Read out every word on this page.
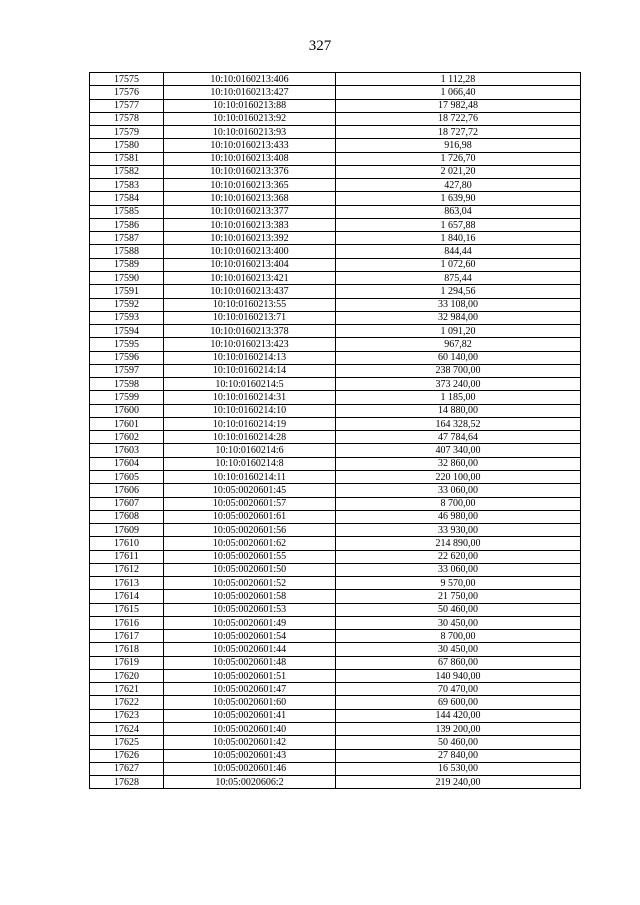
327
17575	10:10:0160213:406	1 112,28
17576	10:10:0160213:427	1 066,40
17577	10:10:0160213:88	17 982,48
17578	10:10:0160213:92	18 722,76
17579	10:10:0160213:93	18 727,72
17580	10:10:0160213:433	916,98
17581	10:10:0160213:408	1 726,70
17582	10:10:0160213:376	2 021,20
17583	10:10:0160213:365	427,80
17584	10:10:0160213:368	1 639,90
17585	10:10:0160213:377	863,04
17586	10:10:0160213:383	1 657,88
17587	10:10:0160213:392	1 840,16
17588	10:10:0160213:400	844,44
17589	10:10:0160213:404	1 072,60
17590	10:10:0160213:421	875,44
17591	10:10:0160213:437	1 294,56
17592	10:10:0160213:55	33 108,00
17593	10:10:0160213:71	32 984,00
17594	10:10:0160213:378	1 091,20
17595	10:10:0160213:423	967,82
17596	10:10:0160214:13	60 140,00
17597	10:10:0160214:14	238 700,00
17598	10:10:0160214:5	373 240,00
17599	10:10:0160214:31	1 185,00
17600	10:10:0160214:10	14 880,00
17601	10:10:0160214:19	164 328,52
17602	10:10:0160214:28	47 784,64
17603	10:10:0160214:6	407 340,00
17604	10:10:0160214:8	32 860,00
17605	10:10:0160214:11	220 100,00
17606	10:05:0020601:45	33 060,00
17607	10:05:0020601:57	8 700,00
17608	10:05:0020601:61	46 980,00
17609	10:05:0020601:56	33 930,00
17610	10:05:0020601:62	214 890,00
17611	10:05:0020601:55	22 620,00
17612	10:05:0020601:50	33 060,00
17613	10:05:0020601:52	9 570,00
17614	10:05:0020601:58	21 750,00
17615	10:05:0020601:53	50 460,00
17616	10:05:0020601:49	30 450,00
17617	10:05:0020601:54	8 700,00
17618	10:05:0020601:44	30 450,00
17619	10:05:0020601:48	67 860,00
17620	10:05:0020601:51	140 940,00
17621	10:05:0020601:47	70 470,00
17622	10:05:0020601:60	69 600,00
17623	10:05:0020601:41	144 420,00
17624	10:05:0020601:40	139 200,00
17625	10:05:0020601:42	50 460,00
17626	10:05:0020601:43	27 840,00
17627	10:05:0020601:46	16 530,00
17628	10:05:0020606:2	219 240,00
